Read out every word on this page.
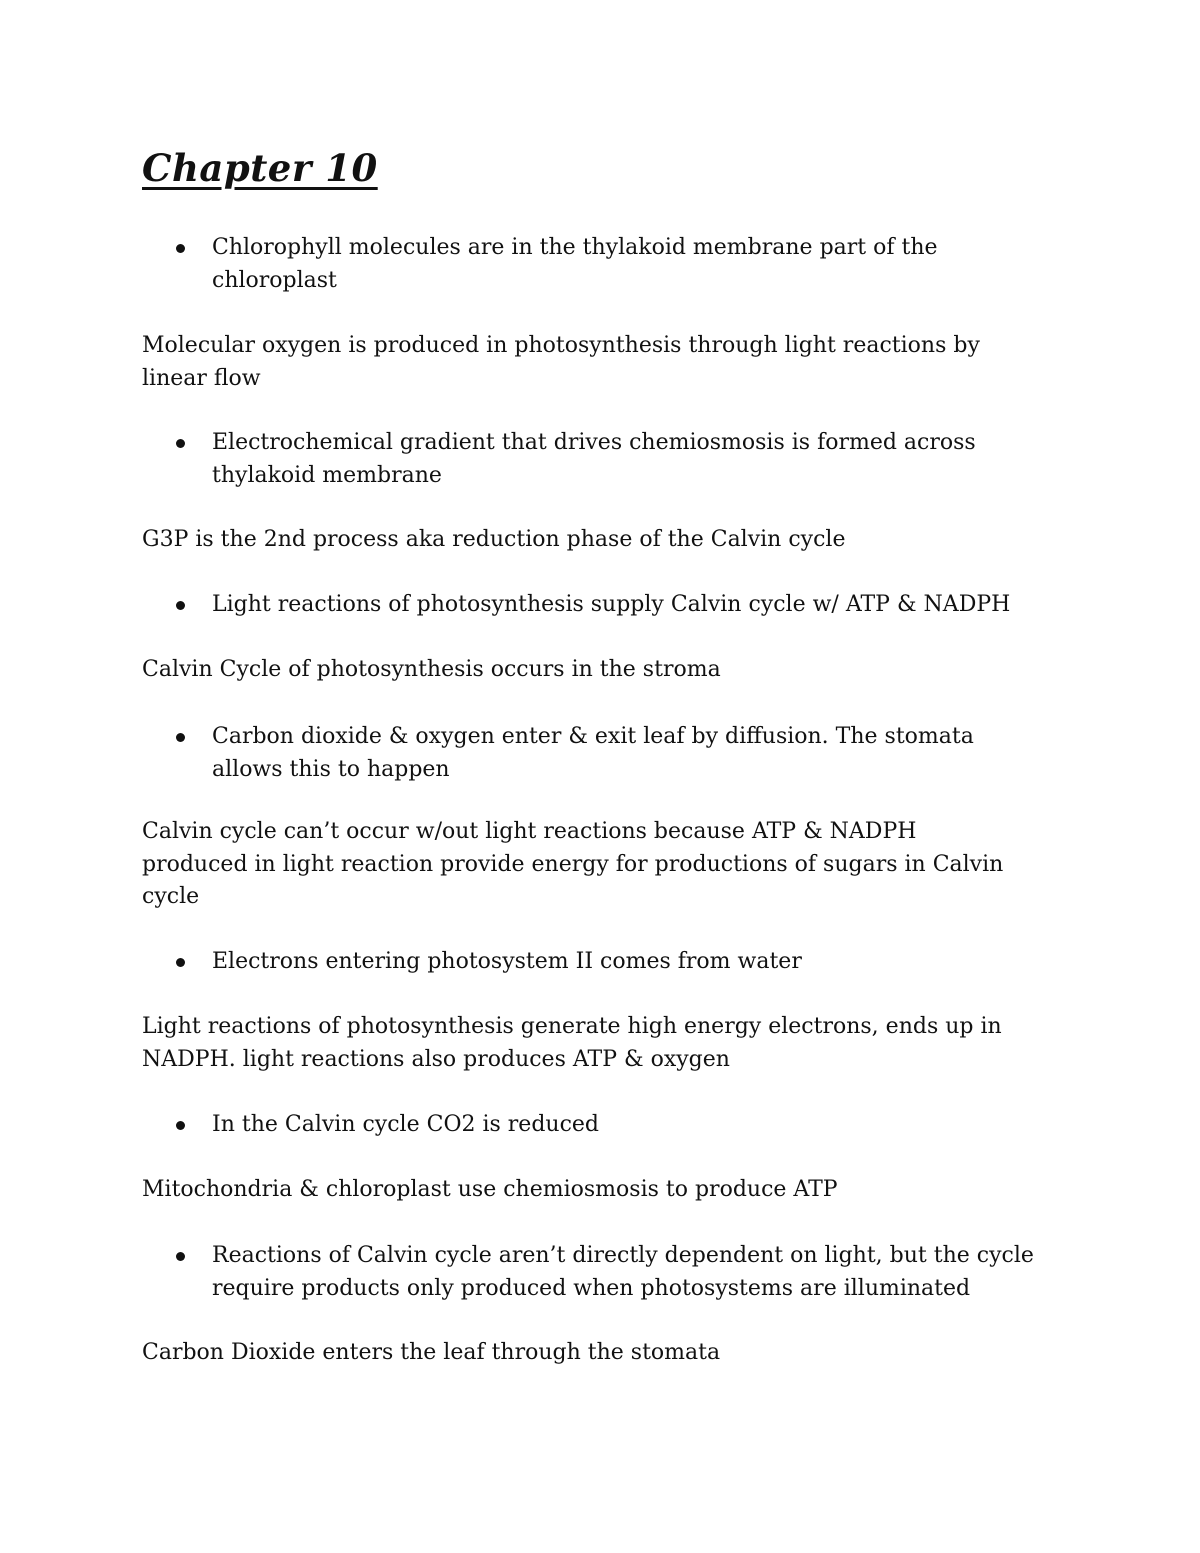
Chapter 10
Chlorophyll molecules are in the thylakoid membrane part of the
chloroplast
Molecular oxygen is produced in photosynthesis through light reactions by
linear flow
Electrochemical gradient that drives chemiosmosis is formed across
thylakoid membrane
G3P is the 2nd process aka reduction phase of the Calvin cycle
Light reactions of photosynthesis supply Calvin cycle w/ ATP & NADPH
Calvin Cycle of photosynthesis occurs in the stroma
Carbon dioxide & oxygen enter & exit leaf by diffusion. The stomata
allows this to happen
Calvin cycle can’t occur w/out light reactions because ATP & NADPH
produced in light reaction provide energy for productions of sugars in Calvin
cycle
Electrons entering photosystem II comes from water
Light reactions of photosynthesis generate high energy electrons, ends up in
NADPH. light reactions also produces ATP & oxygen
In the Calvin cycle CO2 is reduced
Mitochondria & chloroplast use chemiosmosis to produce ATP
Reactions of Calvin cycle aren’t directly dependent on light, but the cycle
require products only produced when photosystems are illuminated
Carbon Dioxide enters the leaf through the stomata
